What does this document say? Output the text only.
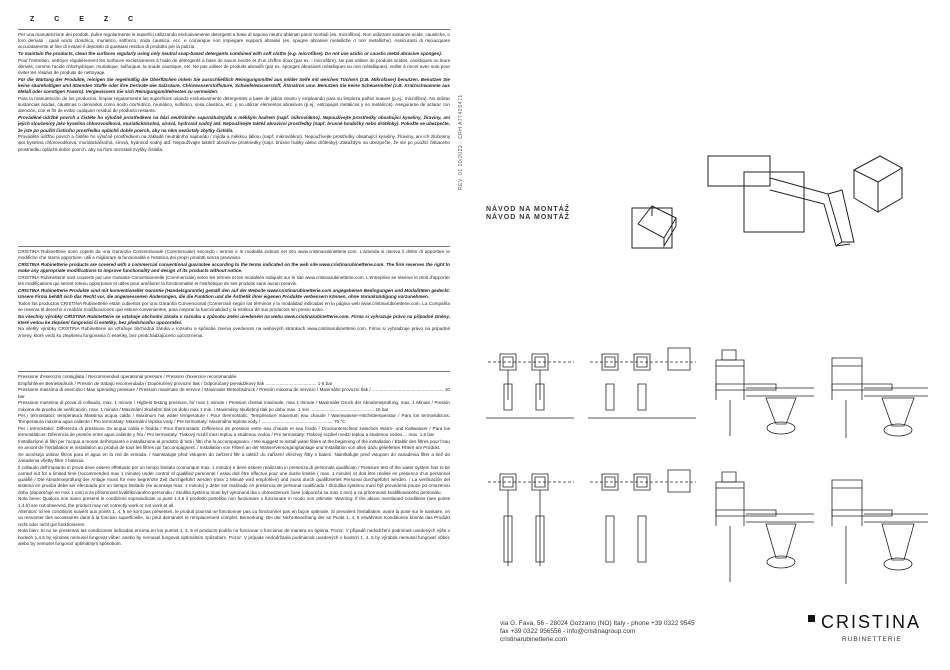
Z C E Z C

Per una manutenzione dei prodotti, pulire regolarmente le superfici utilizzando esclusivamente detergenti a base di sapone neutro abbinati panni morbidi (es. microfibra). Non utilizzare sostanze acide, caustiche, o loro derivati , quali acido cloridrico, muriatico, solforico, soda caustica, ecc. e comunque non impiegare supporti abrasivi (es. spugne abrasive metalliche o non metalliche). Assicurarsi di risciacquare accuratamente al fine di evitare il deposito di qualsiasi residuo di prodotto per la pulizia.

To maintain the products, clean the surfaces regularly using only neutral soap-based detergents combined with soft cloths (e.g. microfibre). Do not use acidic or caustic metal abrasive sponges).

Pour l'entretien, nettoyer régulièrement les surfaces exclusivement à l'aide de détergents à base de savon neutre et d'un chiffon doux (par ex. : microfibre). Ne pas utiliser de produits acides, caustiques ou leurs dérivés, comme l'acide chlorhydrique, muriatique, sulfurique, la soude caustique, etc. Ne pas utiliser de produits abrasifs (par ex. éponges abrasives métalliques ou non métalliques). veiller à rincer avec soin pour éviter les résidus de produits de nettoyage.

Für die Wartung der Produkte, reinigen Sie regelmäßig die Oberflächen indem Sie ausschließlich Reinigungsmittel aus milder Seife mit weichen Tüchern (z.B. Mikrofaser) benutzen. Benutzen Sie keine säurehaltigen und ätzenden Stoffe oder ihre Derivate wie Salzsäure, Chlorwasserstoffsäure, Schwefelwasserstoff, Ätznatron usw. Benutzen Sie keine Scheuermittel (z.B. Kratzschwamme aus Metall oder sonstigen Fasern). Vergewissern Sie sich Reinigungsmittelresten zu vermeiden.

Para la manutención de los productos, limpiar regularmente las superficies usando exclusivamente detergentes a base de jabón neutro y empleando para su limpieza paños suaves (p.ej.: microfibra). No utilizar sustancias ácidas, cáusticas o derivados como ácido clorhídrico, muriático, sulfúrico, sosa cáustica, etc. y no utilizar elementos abrasivos (p.ej.: estropajos metálicos y no metálicos). Asegurarse de aclarar con atención, con el fin de evitar cualquier residuo de producto restante.

Prováděné údržbě povrch a čistěte ho výlučně prostředkem na bázi neutrálního saponátu/mýdla a měkkým hadrem (např. mikrovlákno). Nepoužívejte prostředky obsahující kyseliny, žíraviny, ani jejich sloučeniny jako kyselina chlorovodíková, muriatická/solná, sírová, hydroxid sodný atd. Nepoužívejte taktéž abrazivní prostředky (např. brusné houbičky nebo drátěnky). Pokožte se ubezpečte, že jste po použití čisticího prostředku opláchli dobře povrch, aby na něm nezůstaly zbytky čistidla.

Prováděte údržbu povrch a čistěte ho výlučně prostředkem na základě neutrálního saponátu / mýdla a měkkou látkou (např. mikrovlákno). Nepoužívejte prostředky obsahující kyseliny, žíraviny, ani ich zlúčeniny ako kyselina chlorovodíková, muriatická/soľná, sírová, hydroxid sodný atď. Nepoužívajte taktiež abrazívne prostriedky (napr. brúsne hubky alebo drôtenky). Zakaždým sa ubezpečte, že ste po použití čistiaceho prostriedku opláchli dobre povrch, aby na ňom nezostali zvyšky čistidla.

CRISTINA Rubinetterie sono coperti da una Garanzia Convenzionale (Commerciale) secondo i termini e le modalità indicati nel sito www.cristinarubinetterie.com. L'azienda si riserva il diritto di apportare le modifiche che riterrà opportune, utili a migliorare la funzionalità e l'estetica dei propri prodotti senza preavviso.

CRISTINA Rubinetterie products are covered with a commercial conventional guarantee according to the terms indicated on the web site www.cristinarubinetterie.com. The firm reserves the right to make any appropriate modifications to improve functionality and design of its products without notice.

CRISTINA Rubinetterie sont couverts par une Garantie Conventionnelle (Commerciale) selon les termes et les modalités indiqués sur le site www.cristinarubinetterie.com. L'entreprise se réserve le droit d'apporter les modifications qui seront retenu opportunes et utiles pour améliorer la fonctionnalité et l'esthétique de ses produits sans aucun préavis.

CRISTINA Rubinetterie Produkte sind mit konventioneller Garantie (Handelsgarantie) gemäß den auf der Website www.cristinarubinetterie.com angegebenen Bedingungen und Modalitäten gedeckt. Unsere Firma behält sich das Recht vor, die angemessenen Änderungen, die die Funktion und die Ästhetik ihrer eigenen Produkte verbessern können, ohne Vorankündigung vorzunehmen.

Todos los productos CRISTINA Rubinetterie están cubiertos por una Garantía Convencional (Comercial) según los términos y la modalidad indicadas en la página web www.cristinarubinetterie.com. La Compañía se reserva el derecho a realizar modificaciones que estime convenientes, para mejorar la funcionalidad y la estética de sus productos sin previo aviso.

Na všechny výrobky CRISTINA Rubinetterie se vztahuje obchodní záruka v rozsahu a způsobu zněni uvedeném na webu www.cristinarubinetterie.com. Firma si vyhrazuje právo na případné změny, které vedou ke zlepšení fungování či estetiky, bez předchozího upozornění.

Na všetky výrobky CRISTINA Rubinetterie sa vzťahuje obchodná záruka v rozsahu a spôsobe znenia uvedenom na webových stránkach www.cristinarubinetterie.com. Firma si vyhradzuje právo na prípadné zmeny, ktoré vedú ku zlepšeniu fungovania či estetiky, bez predchádzajúceho upozornenia.

Pressione d'esercizio consigliata / Recommended operational pressure / Pression d'exercice recommandée

Empfohlener Betriebsdruck / Presión de trabajo recomendada / Doporučený provozní tlak / Odporúčaný prevádzkový tlak ........................................ 1-5 bar

Pressione massima di esercizio / Max operating pressure / Pression maximale de service / Maximaler Betriebsdruck / Presión máxima de servicio / Maximální provozní tlak / ........................................................ 10 bar

Pressione massima di prova di collaudo, max. 1 minuto / Highest testing pressure, for max 1 minute / Pression d'essai maximale, max 1 minute / Maximaler Druck der Abnahmeprüfung, max. 1 Minute / Presión máxima de prueba de verificación, max. 1 minuto / Maximální zkušební tlak po dobu max 1 min. / Maximálny skúšobný tlak po dobu max. 1 min .................................................. 16 bar

Per i termostatici: temperatura Massima acqua calda / Maximum hot water temperature / Pour thermostatic: Température maximum eau chaude / Warmwasser-Höchsttemperatur / Para los termostáticos: Temperatura máxima agua caliente / Pro termostaty: Maximální teplota vody / Pre termostaty: Maximálna teplota vody / ........................................................ 70 °C

Per i termostatici: Differenza di pressione tra acqua calda e fredda / Pour thermostats: Différence de pression entre eau chaude et eau froide / Druckunterschied zwischen Warm- und Kaltwasser / Para los termostáticos: Diferencia de presión entre agua caliente y fría / Pro termostaty: Tlakový rozdíl mezi teplou a studenou vodou / Pre termostaty: Tlakový rozdiel medzi teplou a studenou vodou ... max. 1,5 bar

Installazione di filtri per l'acqua a monte dell'impianto e installazione al prodotto di tutti i filtri che lo accompagnano. / We suggest to install water filters at the beginning of the installation / Établir des filtres pour l'eau en amont de l'installation et installation au produit de tous les filtres qui l'accompagnent. / Installation von Filtern an der Wasserversorgungsanlage und Installation von allen dazu gelieferten Filtern am Produkt.

Se aconseja utilizar filtros para el agua en la red de entrada. / Nainstalujte před vstupem do zařízení filtr a taktéž do zařízení všechny filtry s balení. Nainštalujte pred vstupom do zariadenia filter a tiež do zariadenia všetky filtre z balenia.

Il collaudo dell'impianto in prova deve essere effettuato per un tempo limitato (comunque max. 1 minuto) e deve essere realizzato in presenza di personale qualificato / Pressure test of the water system has to be carried out for a limited time (recommended max 1 minute) under control of qualified personnel / essai doit être effectué pour une durée limitée ( max. 1 minute) et doit être réalisé en présence d'un personnel qualifié / Die Abnahmeprüfung der Anlage muss für eine begrenzte Zeit durchgeführt werden (max 1 Minute wird empfohlen) und muss durch qualifiziertes Personal durchgeführt werden. / La verificación del sistema en prueba debe ser efectuada por un tiempo limitado (se aconseja max. 1 minuto) y debe ser realizado en presencia de personal cualificado / Zkouška systému musí být provedená pouze po omezenou dobu (doporučuje se max 1 min) a za přítomnosti kvalifikovaného personálu / Skúška systému musí byť vykonaná iba v obmedzenom čase (odporúča sa max 1 min) a za prítomnosti kvalifikovaného personálu.

Nota bene: Qualora non siano presenti le condizioni sopraindicate ai punti 1,4,5 il prodotto potrebbe non funzionare o funzionare in modo non ottimale. Warning: If the above mentioned conditions (see points 1,4,5) are not observed, the product may not correctly work or not work at all.

Attention: Si les conditions suivent aux points 1, 4, 5 ne sont pas présentes, le produit pourrait ne fonctionner pas ou fonctionner pas en façon optimale. Si prevalent l'installation, avant la pose sur le sanitaire, on va renverser des accessoires dans à la fonction superficielle, on peut demander le remplacement complet. Bemerkung: Bei der Nicht-Beachtung der an Punkt 1, 4, 5 erwähnten Konditionen könnte das Produkt nicht oder nicht gut funktionieren.

Nota bien: Si no se presentan las condiciones indicadas encima en los puntos 1, 4, 5 el producto podría no funcionar o funcionar de manera no óptima. Pozor: V případě nedodržení podmínek uvedených výše v bodech 1,4,5 by výrobek nemusel fungovat vůbec anebo by nemusel fungovat optimálním způsobem. Pozor: V prípade nedodržania podmienok uvedených v bodoch 1, 4, 5 by výrobok nemusel fungovať vôbec alebo by nemusel fungovať optimálnym spôsobom.

REV. 01 10/2022 - CRH A7742S471
NÁVOD NA MONTÁŽ
NÁVOD NA MONTÁŽ
via G. Fava, 56 - 28024 Gozzano (NO) Italy - phone +39 0322 9545
fax +39 0322 956556 - info@cristinagroup.com
cristinarubinetterie.com
CRISTINA
RUBINETTERIE
